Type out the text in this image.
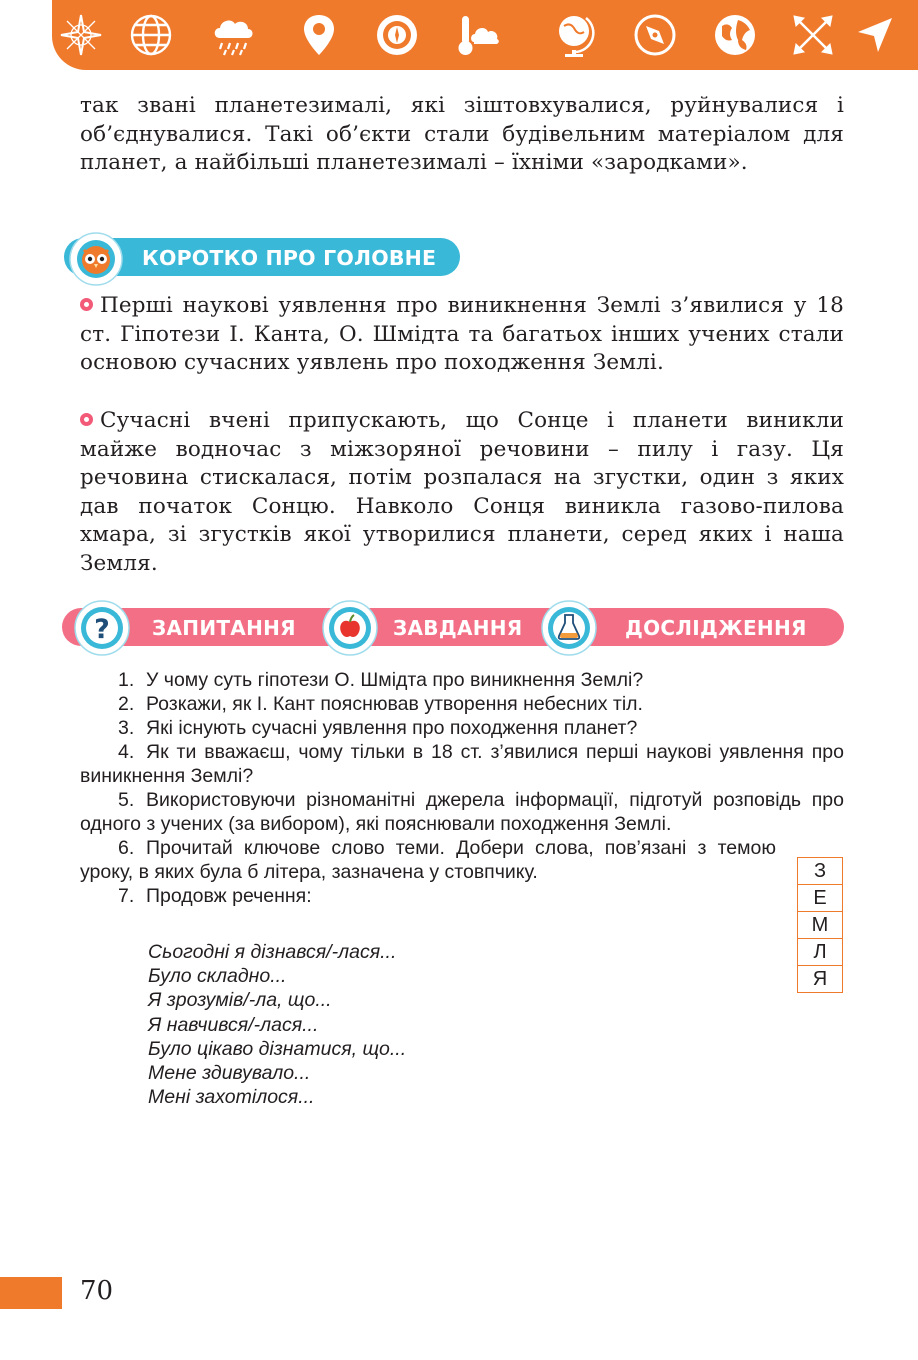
так звані планетезималі, які зіштовхувалися, руйнувалися і об’єднувалися. Такі об’єкти стали будівельним матеріалом для планет, а найбільші планетезималі – їхніми «зародками».

КОРОТКО ПРО ГОЛОВНЕ

Перші наукові уявлення про виникнення Землі з’явилися у 18 ст. Гіпотези І. Канта, О. Шмідта та багатьох інших учених стали основою сучасних уявлень про походження Землі.

Сучасні вчені припускають, що Сонце і планети виникли майже водночас з міжзоряної речовини – пилу і газу. Ця речовина стискалася, потім розпалася на згустки, один з яких дав початок Сонцю. Навколо Сонця виникла газово-пилова хмара, зі згустків якої утворилися планети, серед яких і наша Земля.

? ЗАПИТАННЯ	ЗАВДАННЯ	ДОСЛІДЖЕННЯ
1. У чому суть гіпотези О. Шмідта про виникнення Землі?
2. Розкажи, як І. Кант пояснював утворення небесних тіл.
3. Які існують сучасні уявлення про походження планет?
4. Як ти вважаєш, чому тільки в 18 ст. з’явилися перші наукові уявлення про виникнення Землі?
5. Використовуючи різноманітні джерела інформації, підготуй розповідь про одного з учених (за вибором), які пояснювали походження Землі.
6. Прочитай ключове слово теми. Добери слова, пов’язані з темою уроку, в яких була б літера, зазначена у стовпчику.
7. Продовж речення:
Сьогодні я дізнався/-лася...
Було складно...
Я зрозумів/-ла, що...
Я навчився/-лася...
Було цікаво дізнатися, що...
Мене здивувало...
Мені захотілося...
З
Е
М
Л
Я
70
